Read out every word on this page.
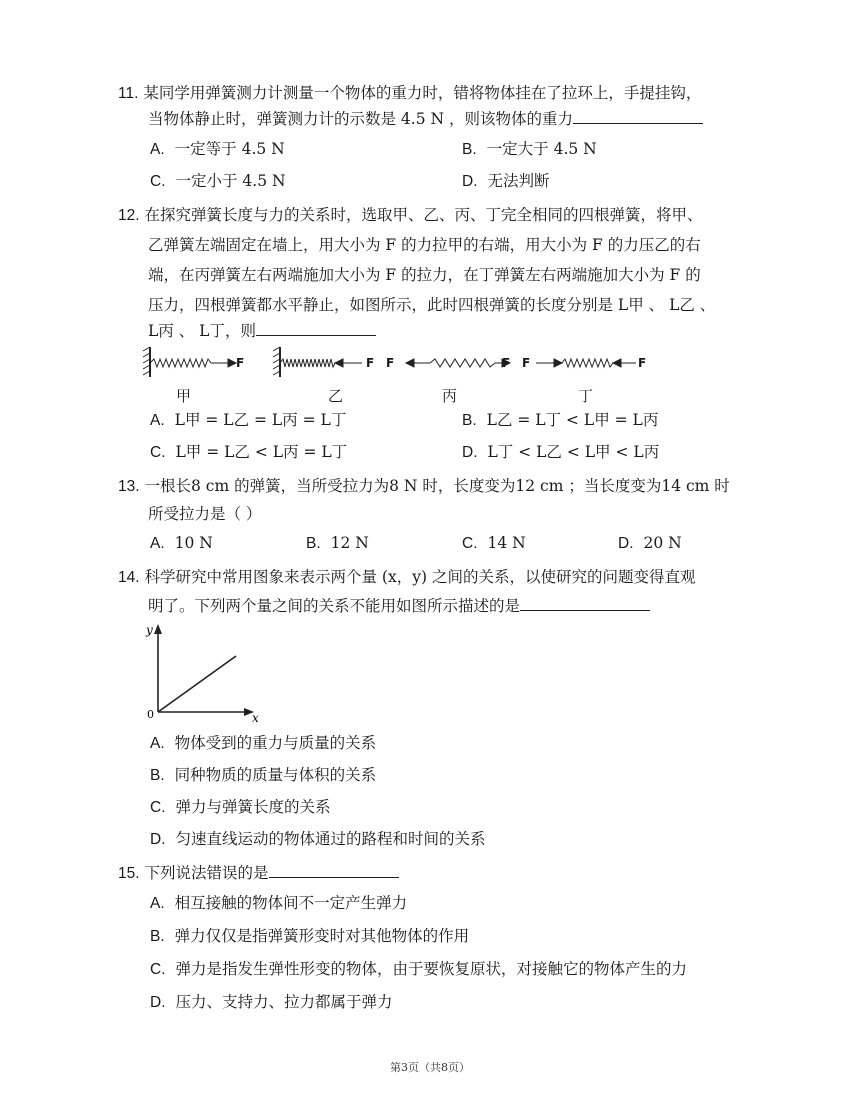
11. 某同学用弹簧测力计测量一个物体的重力时，错将物体挂在了拉环上，手提挂钩，
当物体静止时，弹簧测力计的示数是 4.5 N ，则该物体的重力
A. 一定等于 4.5 N	B. 一定大于 4.5 N
C. 一定小于 4.5 N	D. 无法判断
12. 在探究弹簧长度与力的关系时，选取甲、乙、丙、丁完全相同的四根弹簧，将甲、
乙弹簧左端固定在墙上，用大小为 F 的力拉甲的右端，用大小为 F 的力压乙的右
端，在丙弹簧左右两端施加大小为 F 的拉力，在丁弹簧左右两端施加大小为 F 的
压力，四根弹簧都水平静止，如图所示，此时四根弹簧的长度分别是 L甲 、 L乙 、
L丙 、 L丁，则
F	F F	F F	F
甲	乙	丙	丁
A. L甲 = L乙 = L丙 = L丁	B. L乙 = L丁 < L甲 = L丙
C. L甲 = L乙 < L丙 = L丁	D. L丁 < L乙 < L甲 < L丙
13. 一根长8 cm 的弹簧，当所受拉力为8 N 时，长度变为12 cm ；当长度变为14 cm 时
所受拉力是（ ）
A. 10 N	B. 12 N	C. 14 N	D. 20 N
14. 科学研究中常用图象来表示两个量 (x，y) 之间的关系，以使研究的问题变得直观
明了。下列两个量之间的关系不能用如图所示描述的是
y
0	x
A. 物体受到的重力与质量的关系
B. 同种物质的质量与体积的关系
C. 弹力与弹簧长度的关系
D. 匀速直线运动的物体通过的路程和时间的关系
15. 下列说法错误的是
A. 相互接触的物体间不一定产生弹力
B. 弹力仅仅是指弹簧形变时对其他物体的作用
C. 弹力是指发生弹性形变的物体，由于要恢复原状，对接触它的物体产生的力
D. 压力、支持力、拉力都属于弹力
第3页（共8页）
